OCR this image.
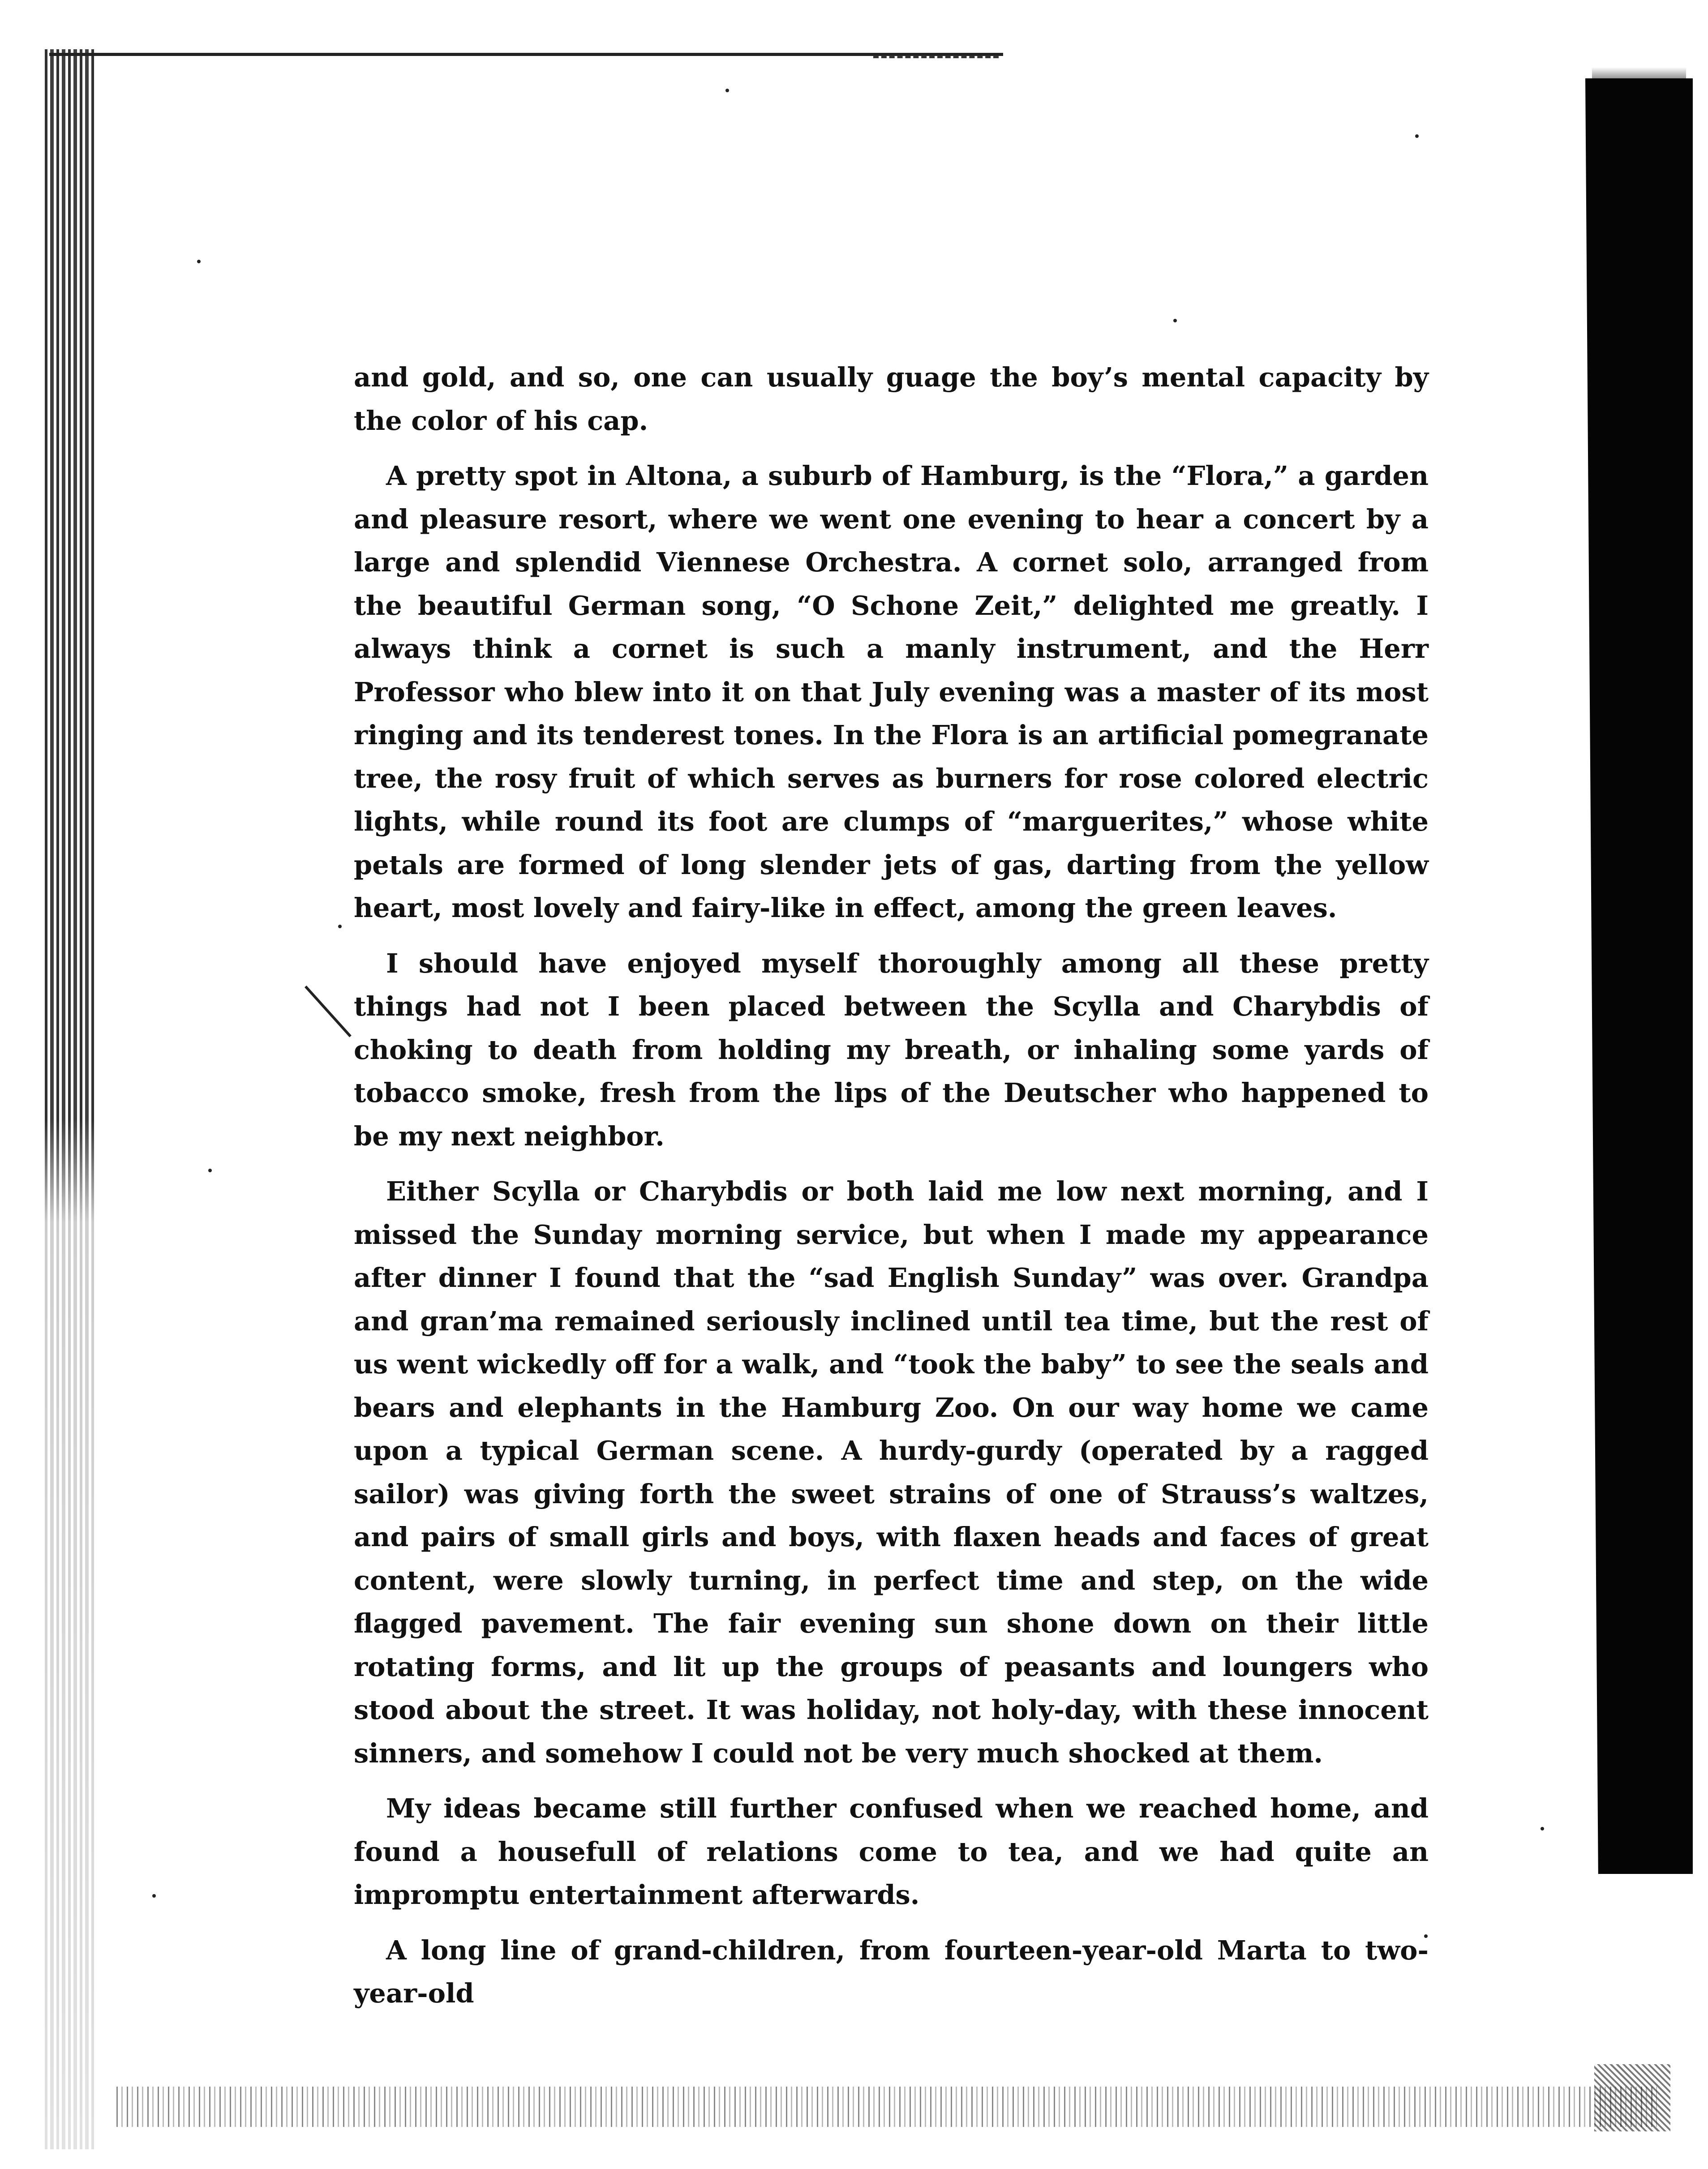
and gold, and so, one can usually guage the boy’s mental capacity by the color of his cap.

A pretty spot in Altona, a suburb of Hamburg, is the “Flora,” a garden and pleasure resort, where we went one evening to hear a concert by a large and splendid Viennese Orchestra. A cornet solo, arranged from the beautiful German song, “O Schone Zeit,” delighted me greatly. I always think a cornet is such a manly instrument, and the Herr Professor who blew into it on that July evening was a master of its most ringing and its tenderest tones. In the Flora is an artificial pomegranate tree, the rosy fruit of which serves as burners for rose colored electric lights, while round its foot are clumps of “marguerites,” whose white petals are formed of long slender jets of gas, darting from the yellow heart, most lovely and fairy-like in effect, among the green leaves.

I should have enjoyed myself thoroughly among all these pretty things had not I been placed between the Scylla and Charybdis of choking to death from holding my breath, or inhaling some yards of tobacco smoke, fresh from the lips of the Deutscher who happened to be my next neighbor.

Either Scylla or Charybdis or both laid me low next morning, and I missed the Sunday morning service, but when I made my appearance after dinner I found that the “sad English Sunday” was over. Grandpa and gran’ma remained seriously inclined until tea time, but the rest of us went wickedly off for a walk, and “took the baby” to see the seals and bears and elephants in the Hamburg Zoo. On our way home we came upon a typical German scene. A hurdy-gurdy (operated by a ragged sailor) was giving forth the sweet strains of one of Strauss’s waltzes, and pairs of small girls and boys, with flaxen heads and faces of great content, were slowly turning, in perfect time and step, on the wide flagged pavement. The fair evening sun shone down on their little rotating forms, and lit up the groups of peasants and loungers who stood about the street. It was holiday, not holy-day, with these innocent sinners, and somehow I could not be very much shocked at them.

My ideas became still further confused when we reached home, and found a housefull of relations come to tea, and we had quite an impromptu entertainment afterwards.

A long line of grand-children, from fourteen-year-old Marta to two-year-old
